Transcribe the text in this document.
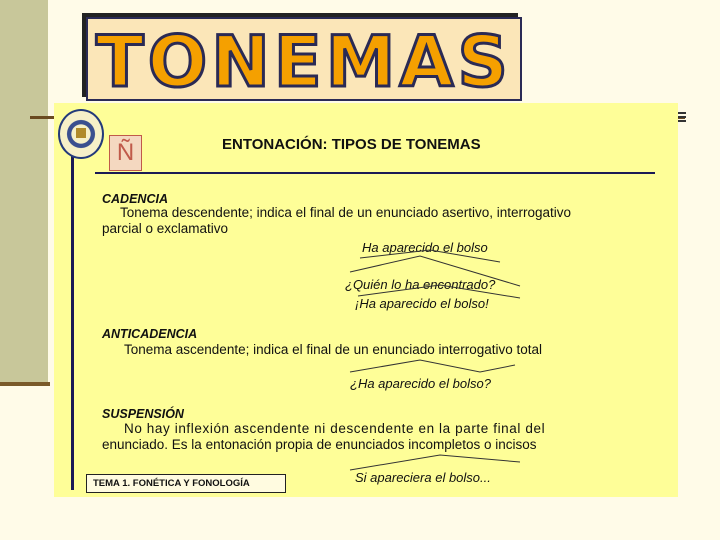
TONEMAS
Ñ	ENTONACIÓN: TIPOS DE TONEMAS
CADENCIA
Tonema descendente; indica el final de un enunciado asertivo, interrogativo
parcial o exclamativo
Ha aparecido el bolso
¿Quién lo ha encontrado?
¡Ha aparecido el bolso!
ANTICADENCIA
Tonema ascendente; indica el final de un enunciado interrogativo total
¿Ha aparecido el bolso?
SUSPENSIÓN
No hay inflexión ascendente ni descendente en la parte final del
enunciado. Es la entonación propia de enunciados incompletos o incisos
Si apareciera el bolso...
TEMA 1. FONÉTICA Y FONOLOGÍA
